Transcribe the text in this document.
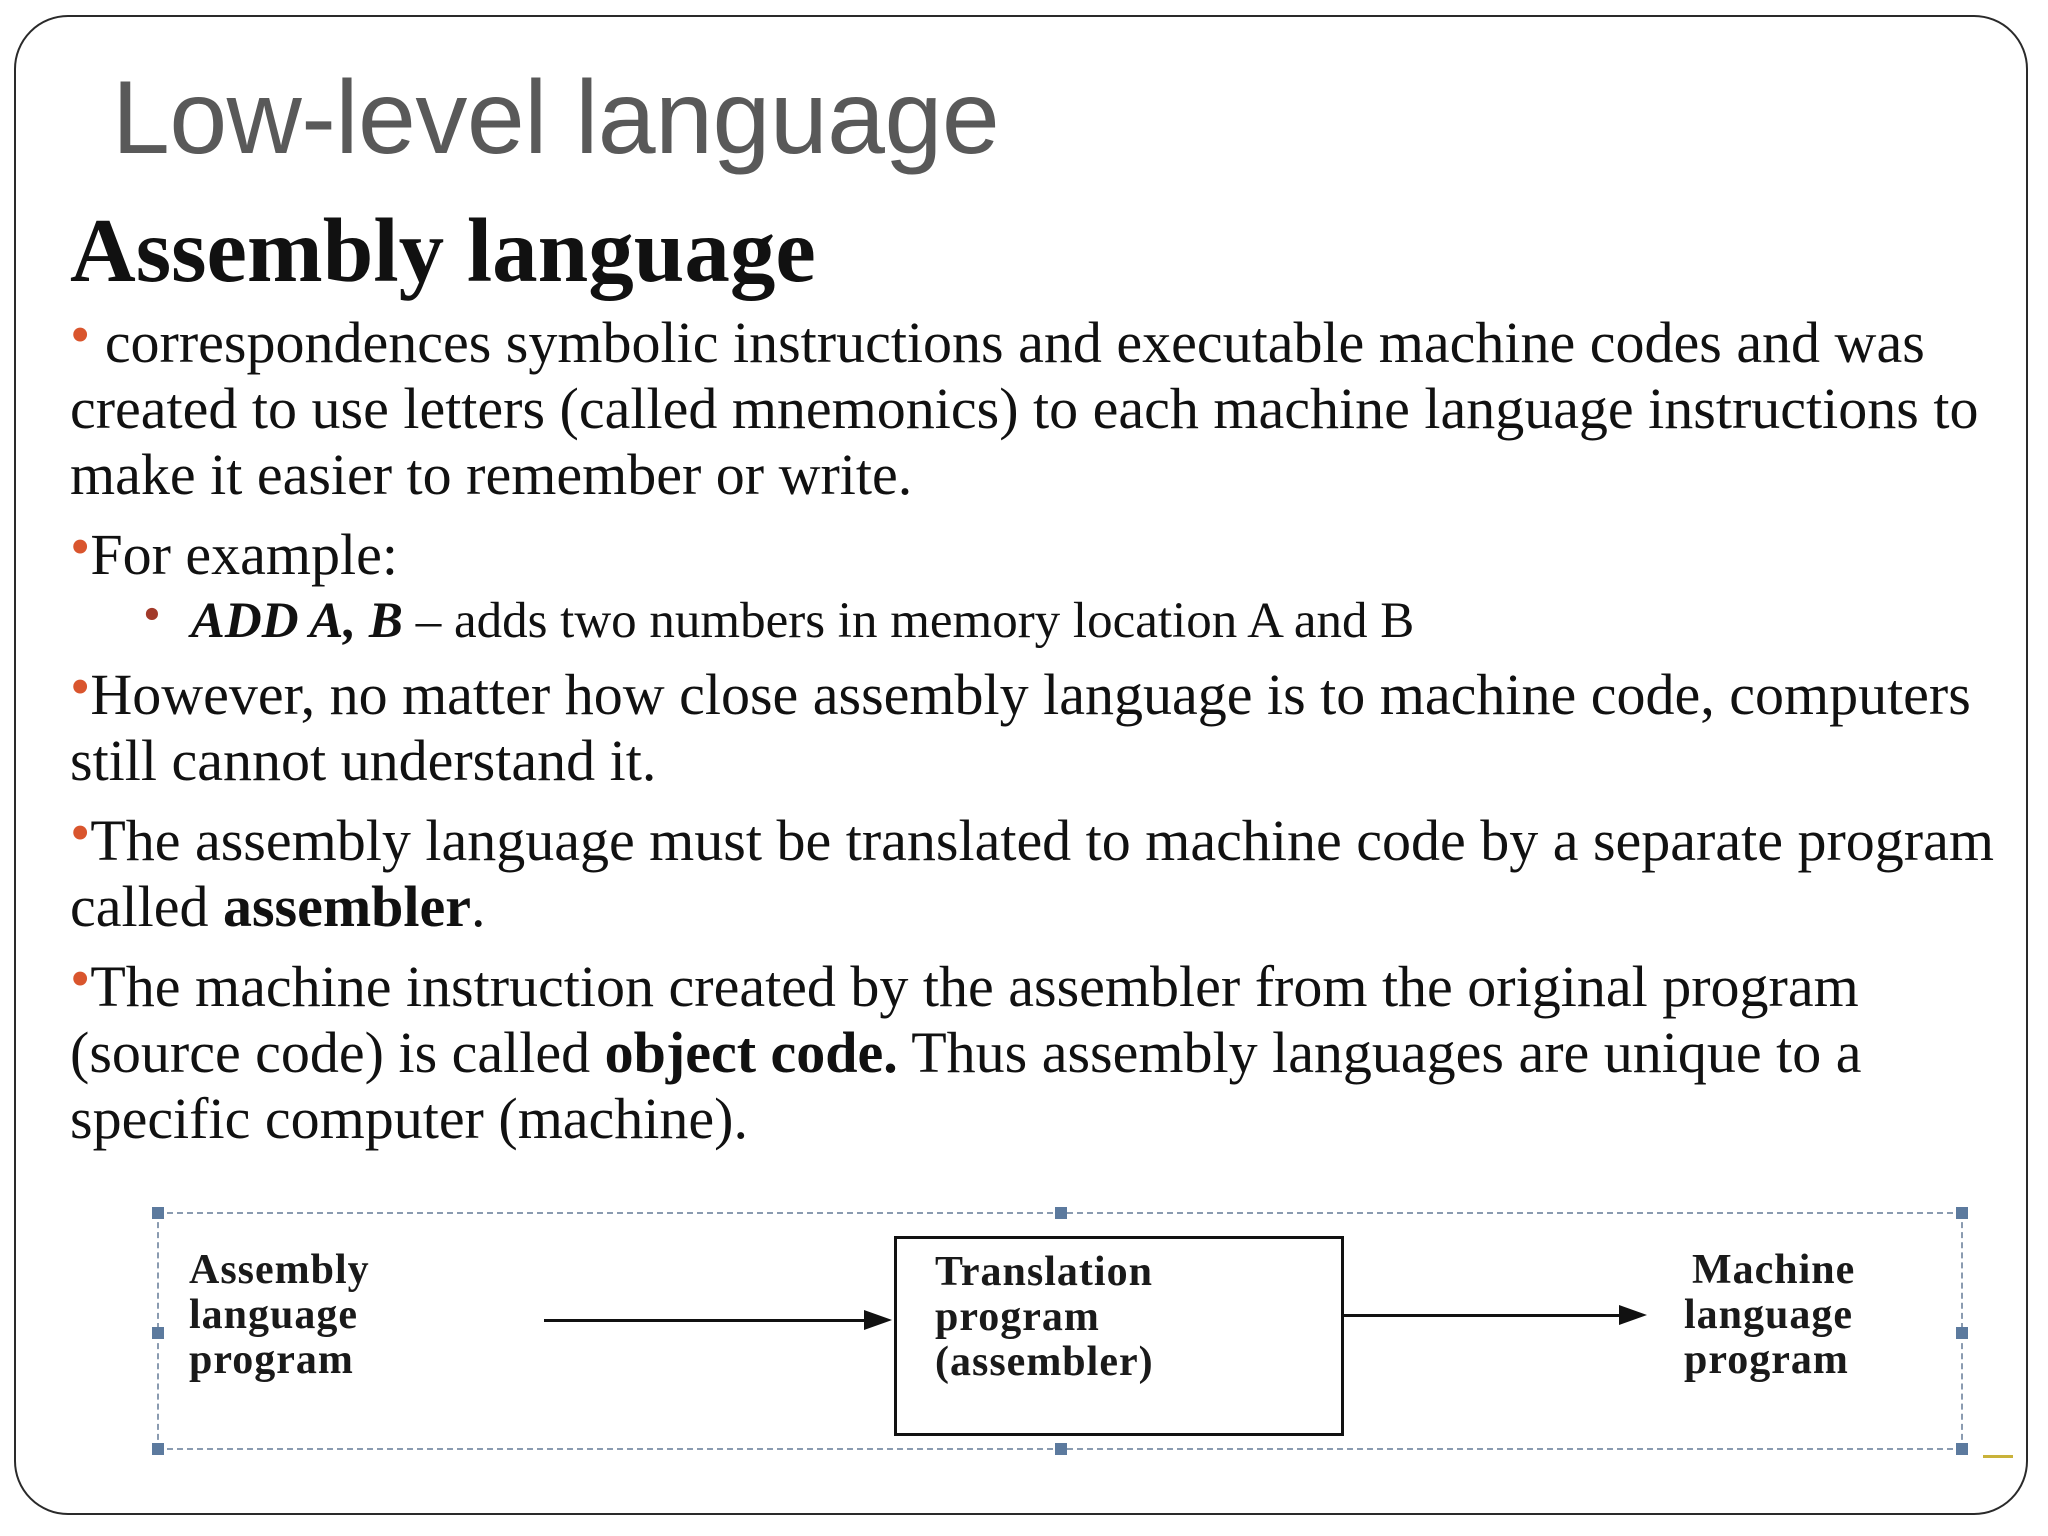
Low-level language
Assembly language

• correspondences symbolic instructions and executable machine codes and was created to use letters (called mnemonics) to each machine language instructions to make it easier to remember or write.

•For example:

• ADD A, B – adds two numbers in memory location A and B

•However, no matter how close assembly language is to machine code, computers still cannot understand it.

•The assembly language must be translated to machine code by a separate program called assembler.

•The machine instruction created by the assembler from the original program (source code) is called object code. Thus assembly languages are unique to a specific computer (machine).

Assembly
language
program
Translation
program
(assembler)
Machine
language
program
